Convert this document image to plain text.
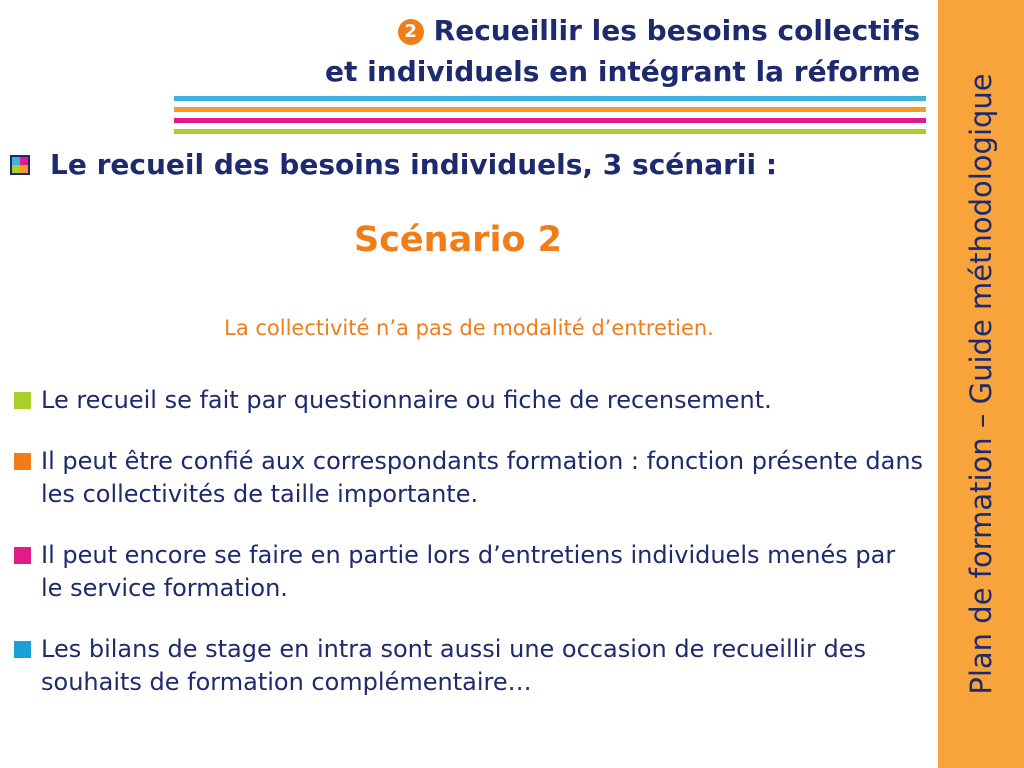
2 Recueillir les besoins collectifs
et individuels en intégrant la réforme
Le recueil des besoins individuels, 3 scénarii :
Scénario 2
La collectivité n’a pas de modalité d’entretien.
Le recueil se fait par questionnaire ou fiche de recensement.
Il peut être confié aux correspondants formation : fonction présente dans les collectivités de taille importante.
Il peut encore se faire en partie lors d’entretiens individuels menés par le service formation.
Les bilans de stage en intra sont aussi une occasion de recueillir des souhaits de formation complémentaire…	Plan de formation – Guide méthodologique
